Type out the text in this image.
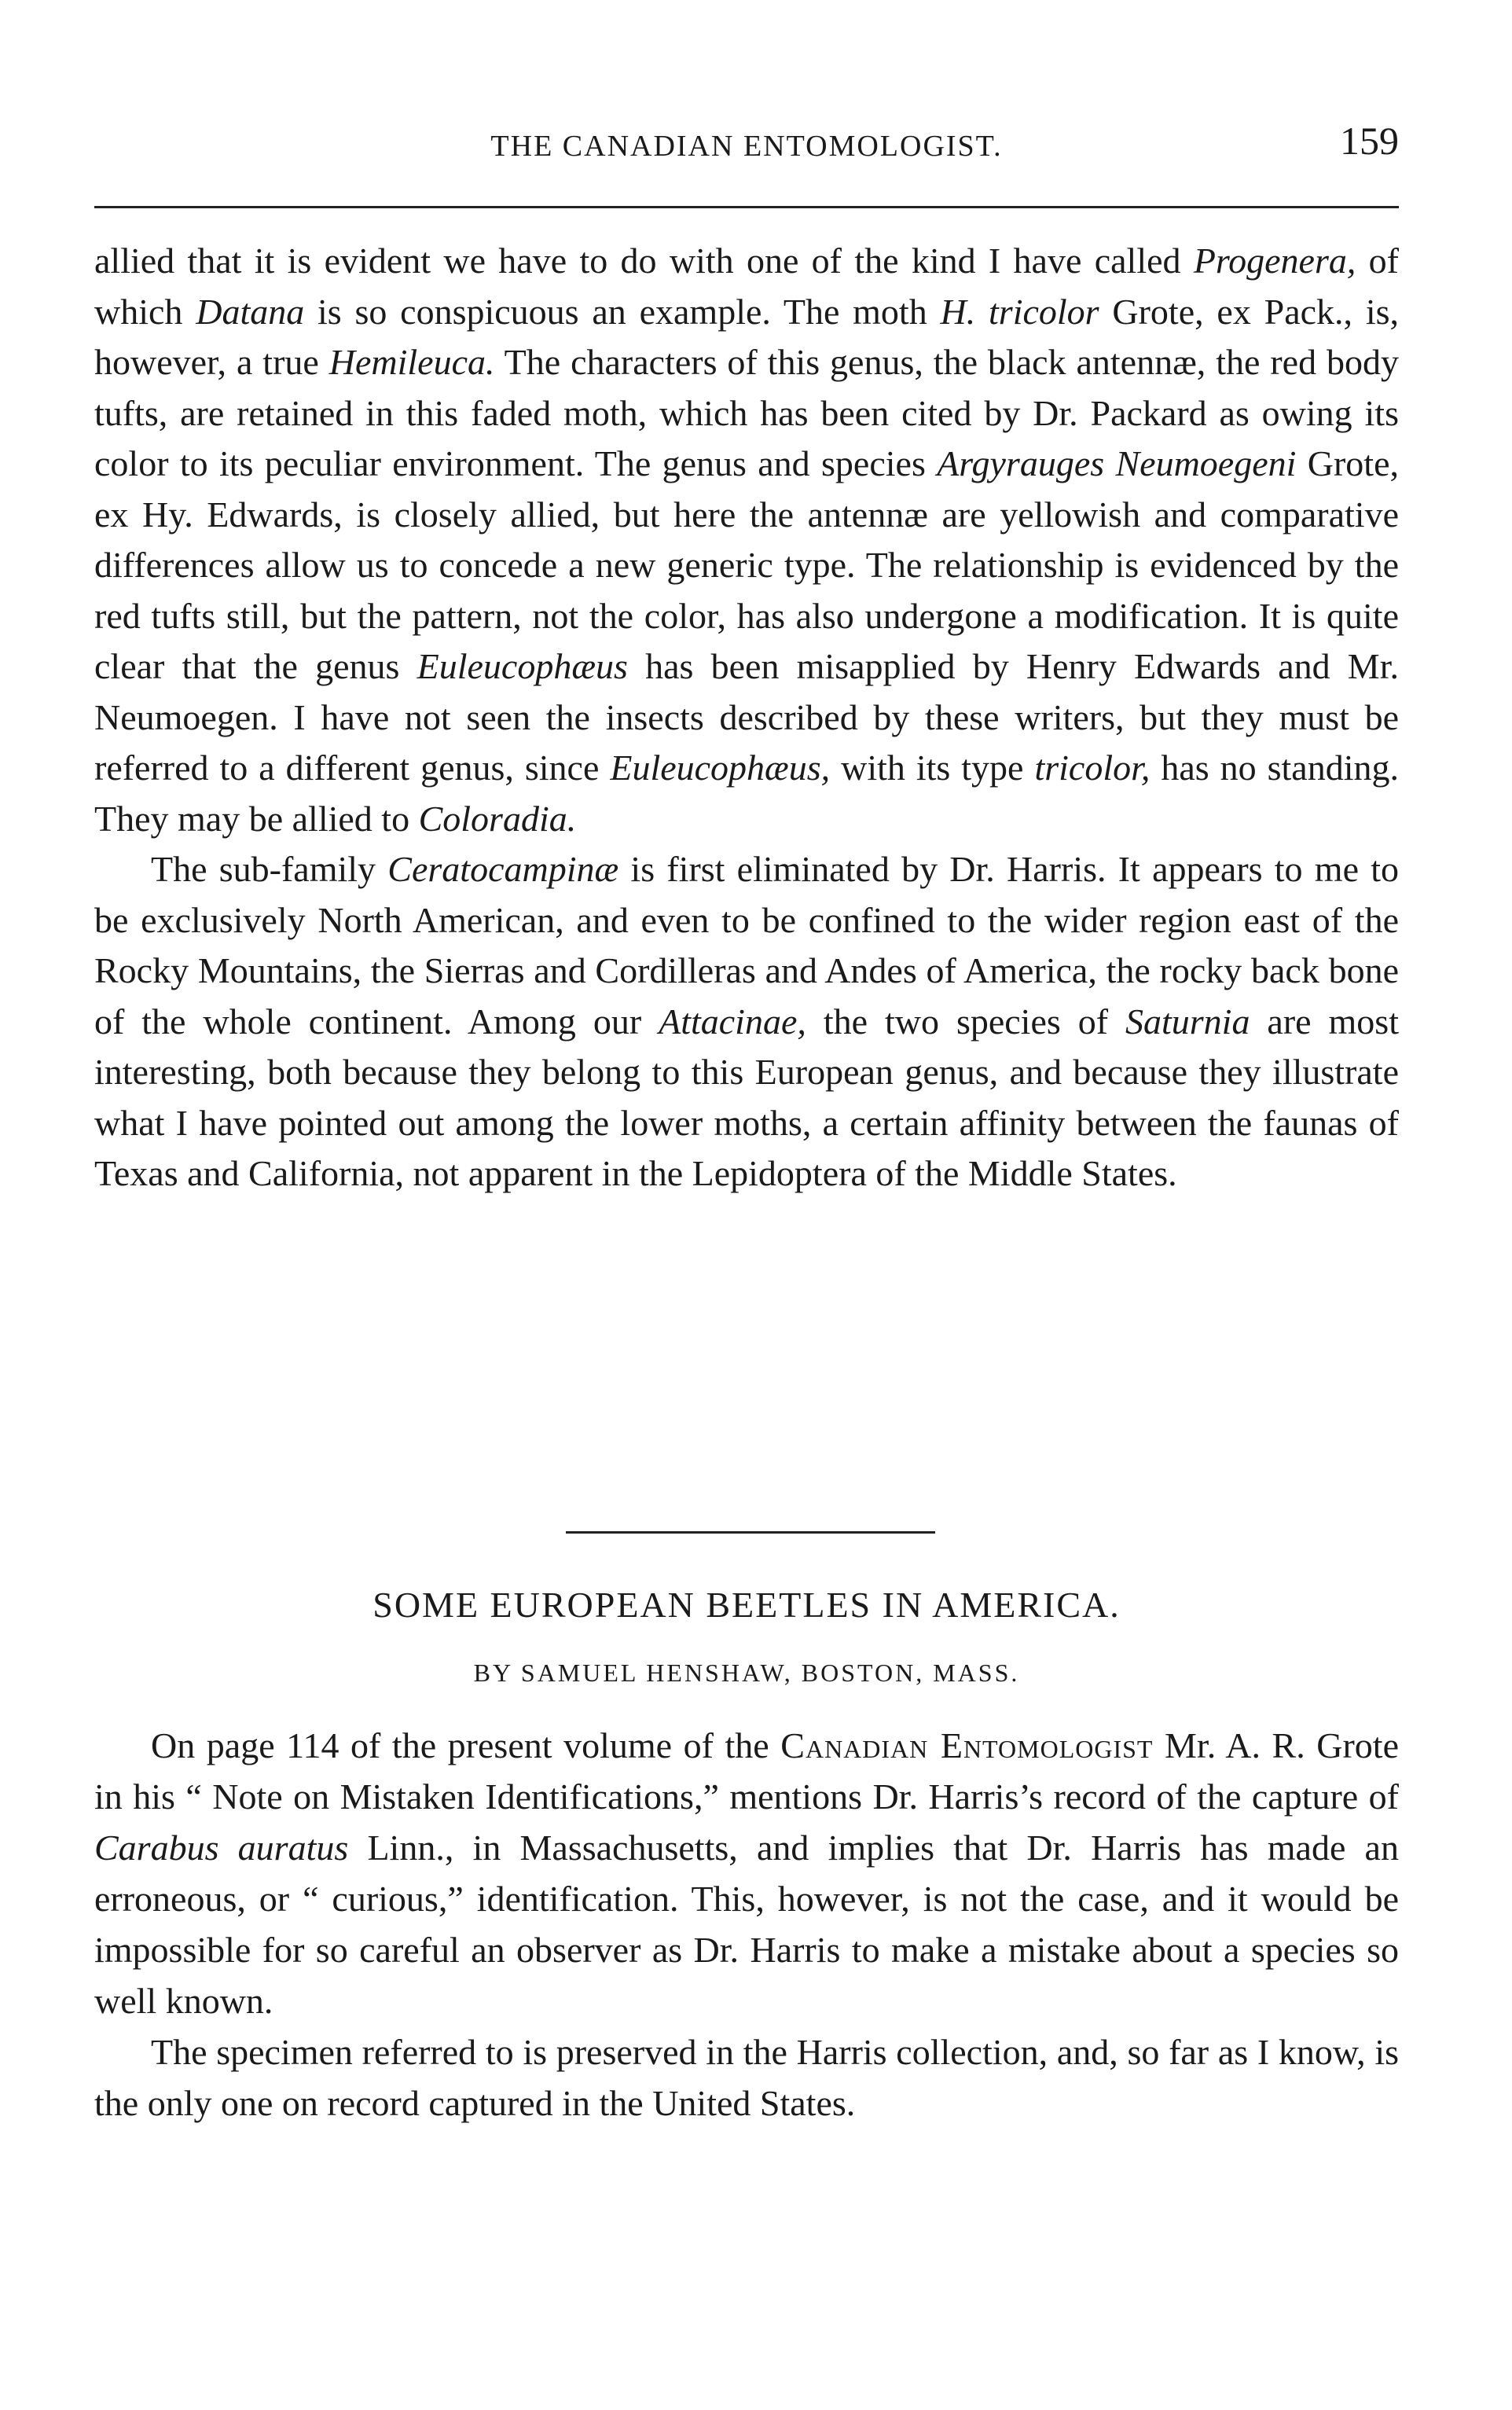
THE CANADIAN ENTOMOLOGIST.	159

allied that it is evident we have to do with one of the kind I have called Progenera, of which Datana is so conspicuous an example. The moth H. tricolor Grote, ex Pack., is, however, a true Hemileuca. The characters of this genus, the black antennæ, the red body tufts, are retained in this faded moth, which has been cited by Dr. Packard as owing its color to its peculiar environment. The genus and species Argyrauges Neumoegeni Grote, ex Hy. Edwards, is closely allied, but here the antennæ are yellowish and comparative differences allow us to concede a new generic type. The relationship is evidenced by the red tufts still, but the pattern, not the color, has also undergone a modification. It is quite clear that the genus Euleucophæus has been misapplied by Henry Edwards and Mr. Neumoegen. I have not seen the insects described by these writers, but they must be referred to a different genus, since Euleucophæus, with its type tricolor, has no standing. They may be allied to Coloradia.

The sub-family Ceratocampinæ is first eliminated by Dr. Harris. It appears to me to be exclusively North American, and even to be confined to the wider region east of the Rocky Mountains, the Sierras and Cordilleras and Andes of America, the rocky back bone of the whole continent. Among our Attacinae, the two species of Saturnia are most interesting, both because they belong to this European genus, and because they illustrate what I have pointed out among the lower moths, a certain affinity between the faunas of Texas and California, not apparent in the Lepidoptera of the Middle States.

SOME EUROPEAN BEETLES IN AMERICA.
BY SAMUEL HENSHAW, BOSTON, MASS.

On page 114 of the present volume of the Canadian Entomologist Mr. A. R. Grote in his “ Note on Mistaken Identifications,” mentions Dr. Harris’s record of the capture of Carabus auratus Linn., in Massachusetts, and implies that Dr. Harris has made an erroneous, or “ curious,” identification. This, however, is not the case, and it would be impossible for so careful an observer as Dr. Harris to make a mistake about a species so well known.

The specimen referred to is preserved in the Harris collection, and, so far as I know, is the only one on record captured in the United States.
